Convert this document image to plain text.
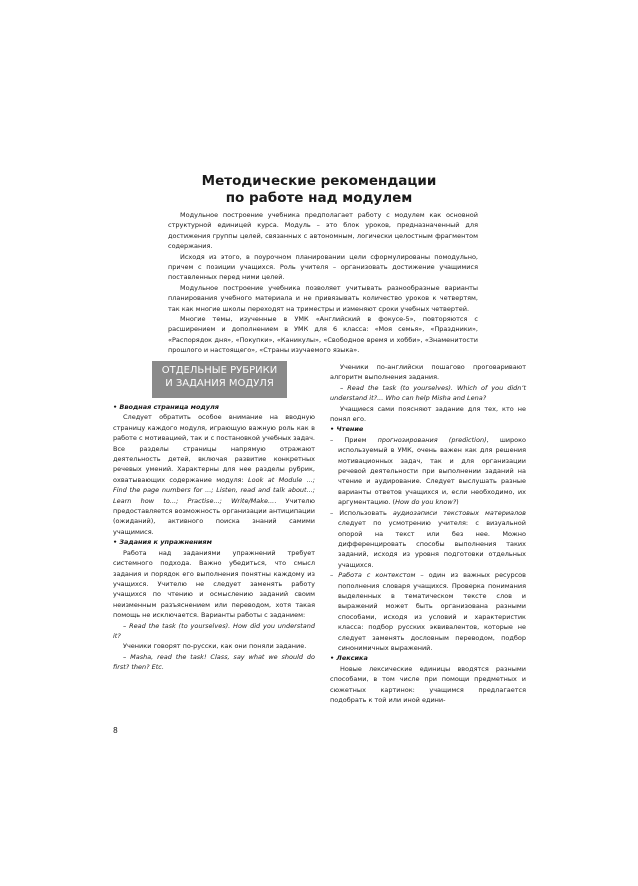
Методические рекомендации
по работе над модулем

Модульное построение учебника предполагает работу с модулем как основной структурной единицей курса. Модуль – это блок уроков, предназначенный для достижения группы целей, связанных с автономным, логически целостным фрагментом содержания.

Исходя из этого, в поурочном планировании цели сформулированы помодульно, причем с позиции учащихся. Роль учителя – организовать достижение учащимися поставленных перед ними целей.

Модульное построение учебника позволяет учитывать разнообразные варианты планирования учебного материала и не привязывать количество уроков к четвертям, так как многие школы переходят на триместры и изменяют сроки учебных четвертей.

Многие темы, изученные в УМК «Английский в фокусе-5», повторяются с расширением и дополнением в УМК для 6 класса: «Моя семья», «Праздники», «Распорядок дня», «Покупки», «Каникулы», «Свободное время и хобби», «Знаменитости прошлого и настоящего», «Страны изучаемого языка».

ОТДЕЛЬНЫЕ РУБРИКИ
И ЗАДАНИЯ МОДУЛЯ

• Вводная страница модуля

Следует обратить особое внимание на вводную страницу каждого модуля, играющую важную роль как в работе с мотивацией, так и с постановкой учебных задач. Все разделы страницы напрямую отражают деятельность детей, включая развитие конкретных речевых умений. Характерны для нее разделы рубрик, охватывающих содержание модуля: Look at Module ...; Find the page numbers for ...; Listen, read and talk about...; Learn how to...; Practise...; Write/Make.... Учителю предоставляется возможность организации антиципации (ожиданий), активного поиска знаний самими учащимися.

• Задания к упражнениям

Работа над заданиями упражнений требует системного подхода. Важно убедиться, что смысл задания и порядок его выполнения понятны каждому из учащихся. Учителю не следует заменять работу учащихся по чтению и осмыслению заданий своим неизменным разъяснением или переводом, хотя такая помощь не исключается. Варианты работы с заданием:

– Read the task (to yourselves). How did you understand it?

Ученики говорят по-русски, как они поняли задание.

– Masha, read the task! Class, say what we should do first? then? Etc.

Ученики по-английски пошагово проговаривают алгоритм выполнения задания.

– Read the task (to yourselves). Which of you didn’t understand it?... Who can help Misha and Lena?

Учащиеся сами поясняют задание для тех, кто не понял его.

• Чтение

– Прием прогнозирования (prediction), широко используемый в УМК, очень важен как для решения мотивационных задач, так и для организации речевой деятельности при выполнении заданий на чтение и аудирование. Следует выслушать разные варианты ответов учащихся и, если необходимо, их аргументацию. (How do you know?)

– Использовать аудиозаписи текстовых материалов следует по усмотрению учителя: с визуальной опорой на текст или без нее. Можно дифференцировать способы выполнения таких заданий, исходя из уровня подготовки отдельных учащихся.

– Работа с контекстом – один из важных ресурсов пополнения словаря учащихся. Проверка понимания выделенных в тематическом тексте слов и выражений может быть организована разными способами, исходя из условий и характеристик класса: подбор русских эквивалентов, которые не следует заменять дословным переводом, подбор синонимичных выражений.

• Лексика

Новые лексические единицы вводятся разными способами, в том числе при помощи предметных и сюжетных картинок: учащимся предлагается подобрать к той или иной едини-

8
